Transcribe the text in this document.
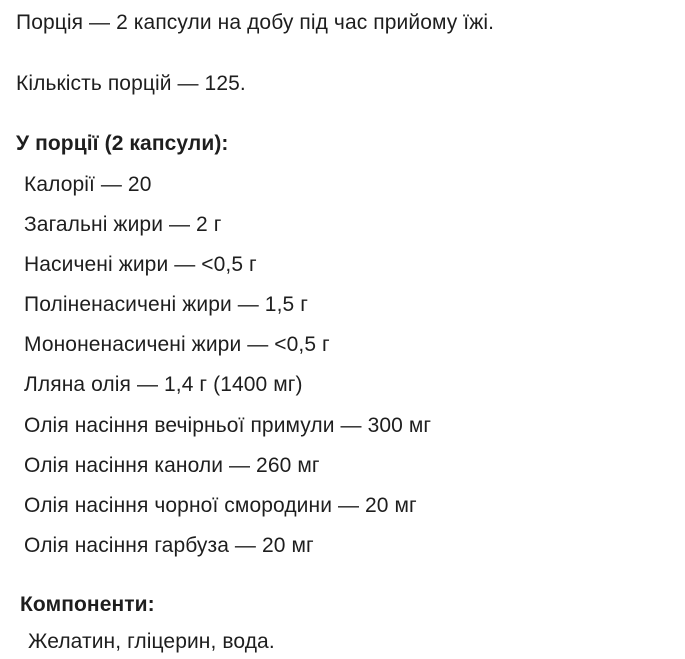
Порція — 2 капсули на добу під час прийому їжі.
Кількість порцій — 125.
У порції (2 капсули):
Калорії — 20
Загальні жири — 2 г
Насичені жири — <0,5 г
Поліненасичені жири — 1,5 г
Мононенасичені жири — <0,5 г
Лляна олія — 1,4 г (1400 мг)
Олія насіння вечірньої примули — 300 мг
Олія насіння каноли — 260 мг
Олія насіння чорної смородини — 20 мг
Олія насіння гарбуза — 20 мг
Компоненти:
Желатин, гліцерин, вода.
